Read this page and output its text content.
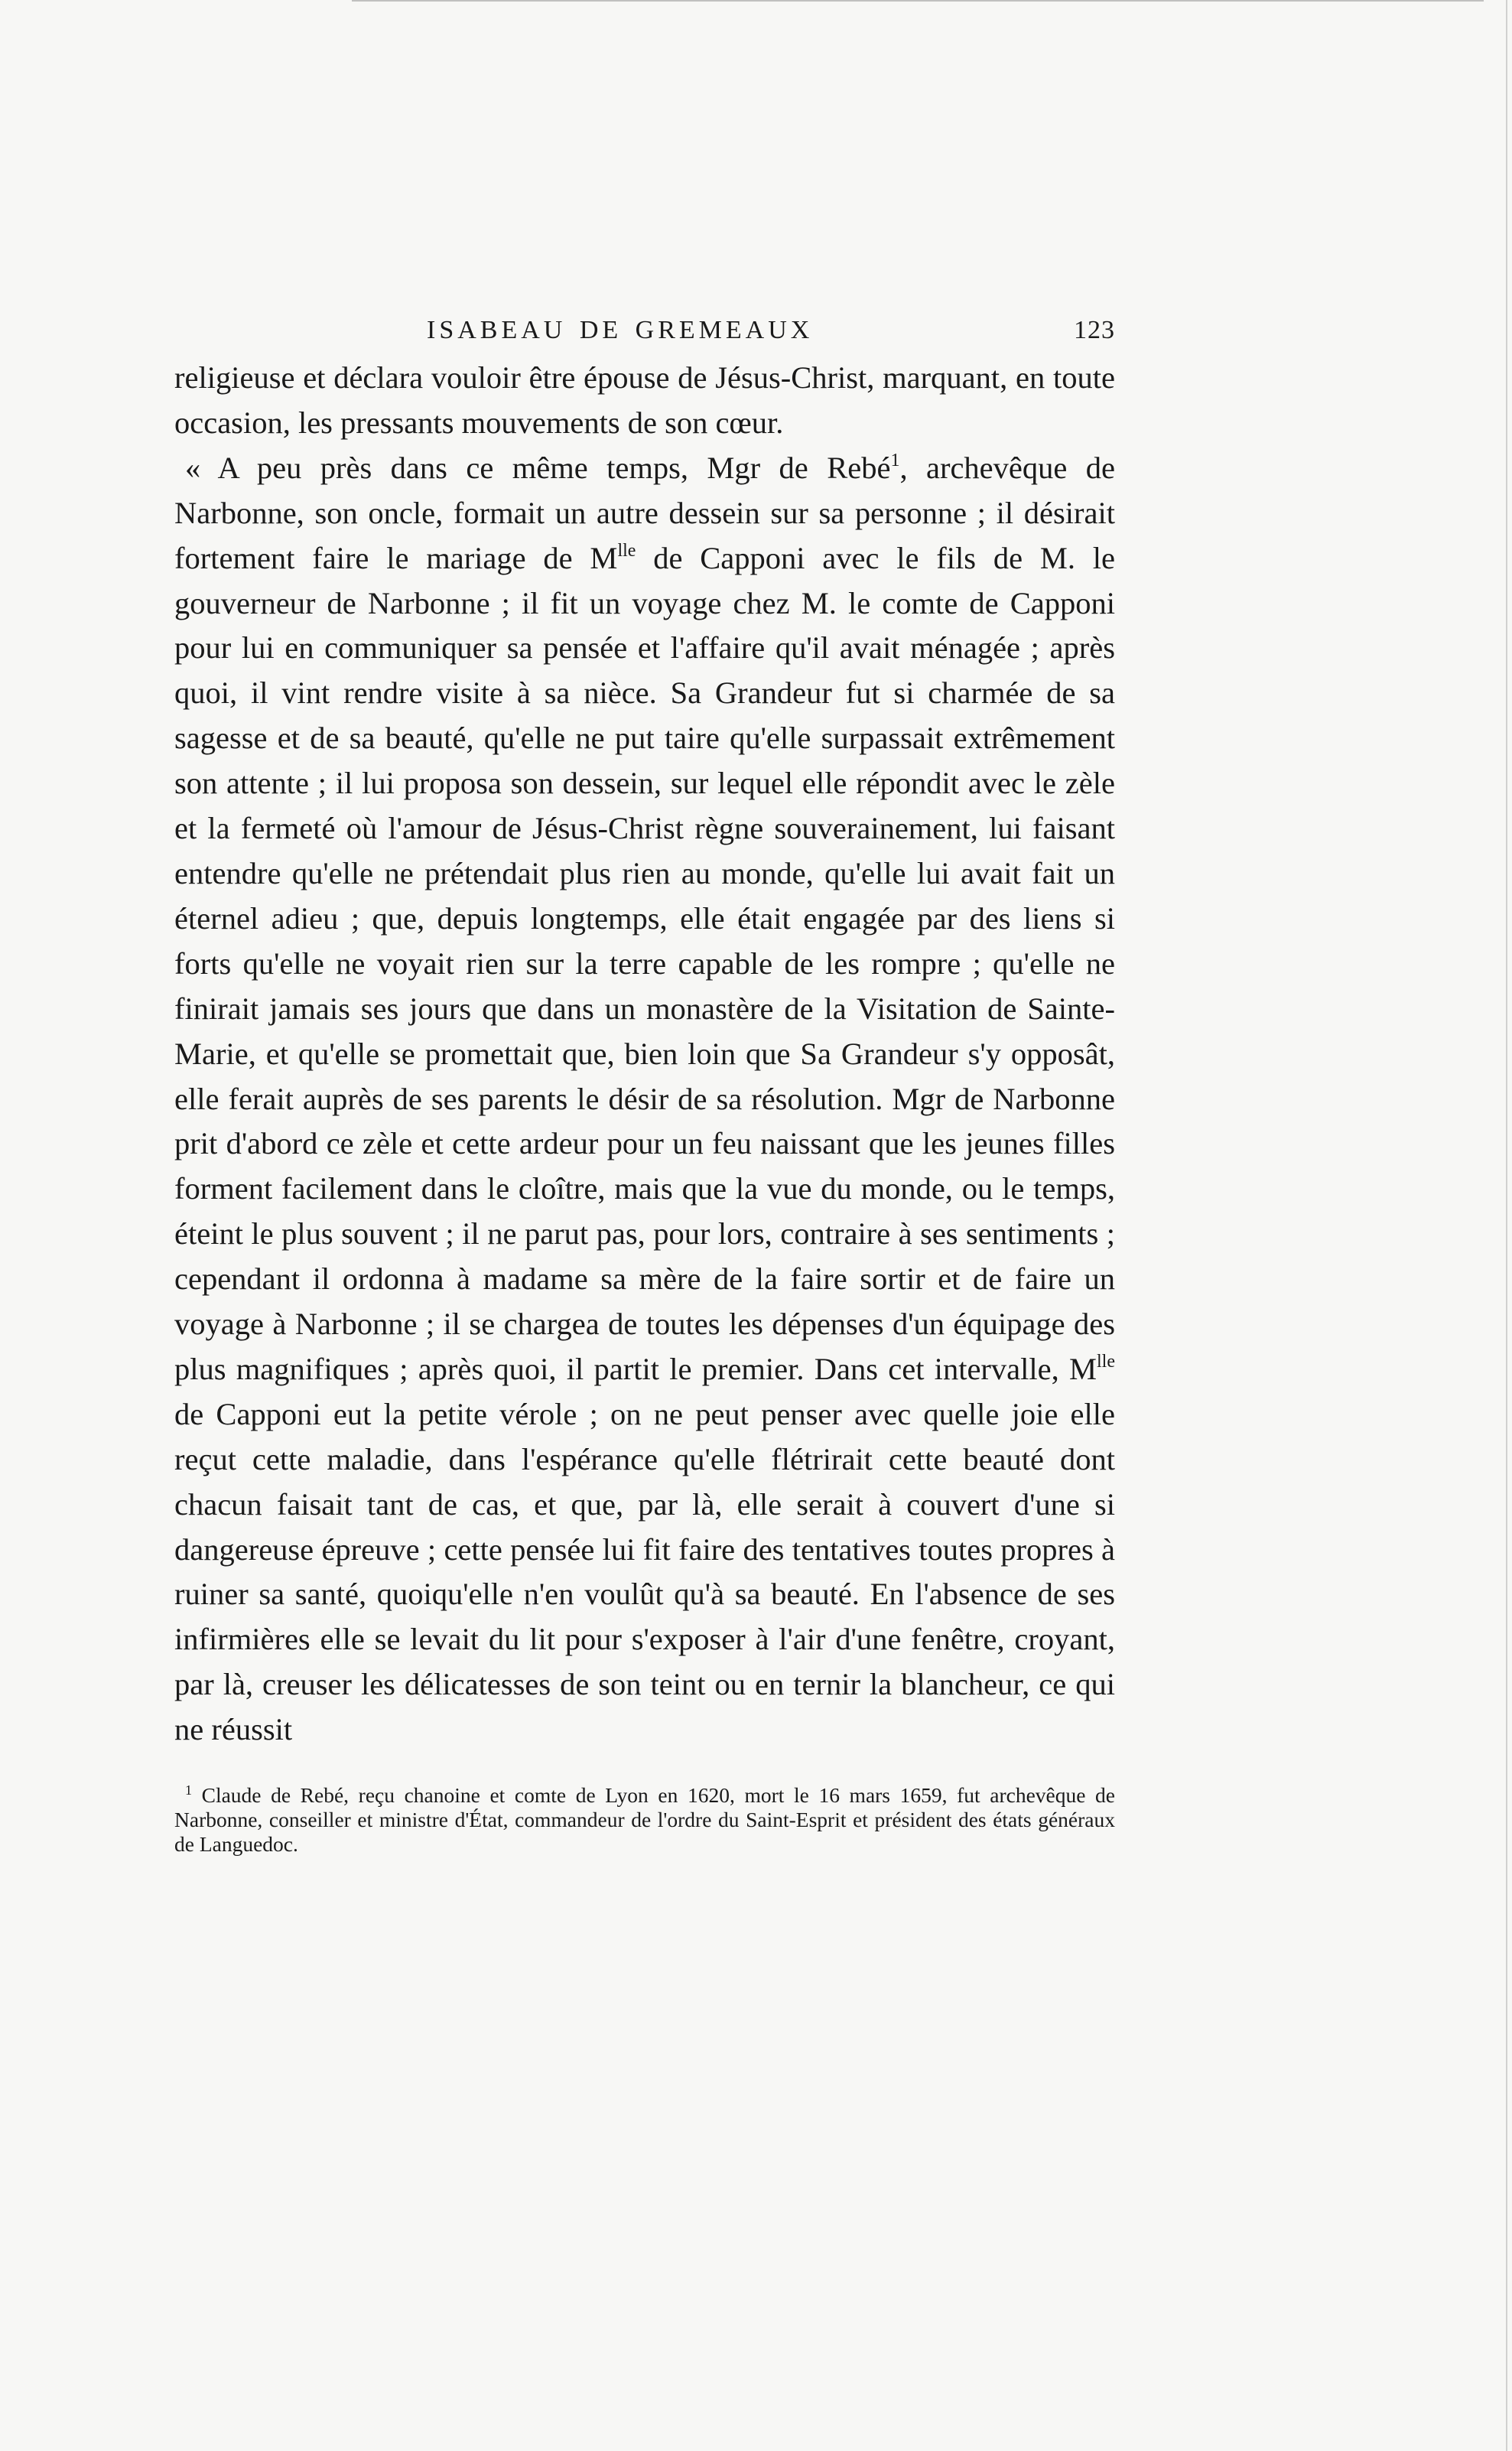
ISABEAU DE GREMEAUX	123

religieuse et déclara vouloir être épouse de Jésus-Christ, marquant, en toute occasion, les pressants mouvements de son cœur.

« A peu près dans ce même temps, Mgr de Rebé$^1$, archevêque de Narbonne, son oncle, formait un autre dessein sur sa personne ; il désirait fortement faire le mariage de $M^{lle}$ de Capponi avec le fils de M. le gouverneur de Narbonne ; il fit un voyage chez M. le comte de Capponi pour lui en communiquer sa pensée et l'affaire qu'il avait ménagée ; après quoi, il vint rendre visite à sa nièce. Sa Grandeur fut si charmée de sa sagesse et de sa beauté, qu'elle ne put taire qu'elle surpassait extrêmement son attente ; il lui proposa son dessein, sur lequel elle répondit avec le zèle et la fermeté où l'amour de Jésus-Christ règne souverainement, lui faisant entendre qu'elle ne prétendait plus rien au monde, qu'elle lui avait fait un éternel adieu ; que, depuis longtemps, elle était engagée par des liens si forts qu'elle ne voyait rien sur la terre capable de les rompre ; qu'elle ne finirait jamais ses jours que dans un monastère de la Visitation de Sainte-Marie, et qu'elle se promettait que, bien loin que Sa Grandeur s'y opposât, elle ferait auprès de ses parents le désir de sa résolution. Mgr de Narbonne prit d'abord ce zèle et cette ardeur pour un feu naissant que les jeunes filles forment facilement dans le cloître, mais que la vue du monde, ou le temps, éteint le plus souvent ; il ne parut pas, pour lors, contraire à ses sentiments ; cependant il ordonna à madame sa mère de la faire sortir et de faire un voyage à Narbonne ; il se chargea de toutes les dépenses d'un équipage des plus magnifiques ; après quoi, il partit le premier. Dans cet intervalle, $M^{lle}$ de Capponi eut la petite vérole ; on ne peut penser avec quelle joie elle reçut cette maladie, dans l'espérance qu'elle flétrirait cette beauté dont chacun faisait tant de cas, et que, par là, elle serait à couvert d'une si dangereuse épreuve ; cette pensée lui fit faire des tentatives toutes propres à ruiner sa santé, quoiqu'elle n'en voulût qu'à sa beauté. En l'absence de ses infirmières elle se levait du lit pour s'exposer à l'air d'une fenêtre, croyant, par là, creuser les délicatesses de son teint ou en ternir la blancheur, ce qui ne réussit

$^1$ Claude de Rebé, reçu chanoine et comte de Lyon en 1620, mort le 16 mars 1659, fut archevêque de Narbonne, conseiller et ministre d'État, commandeur de l'ordre du Saint-Esprit et président des états généraux de Languedoc.
